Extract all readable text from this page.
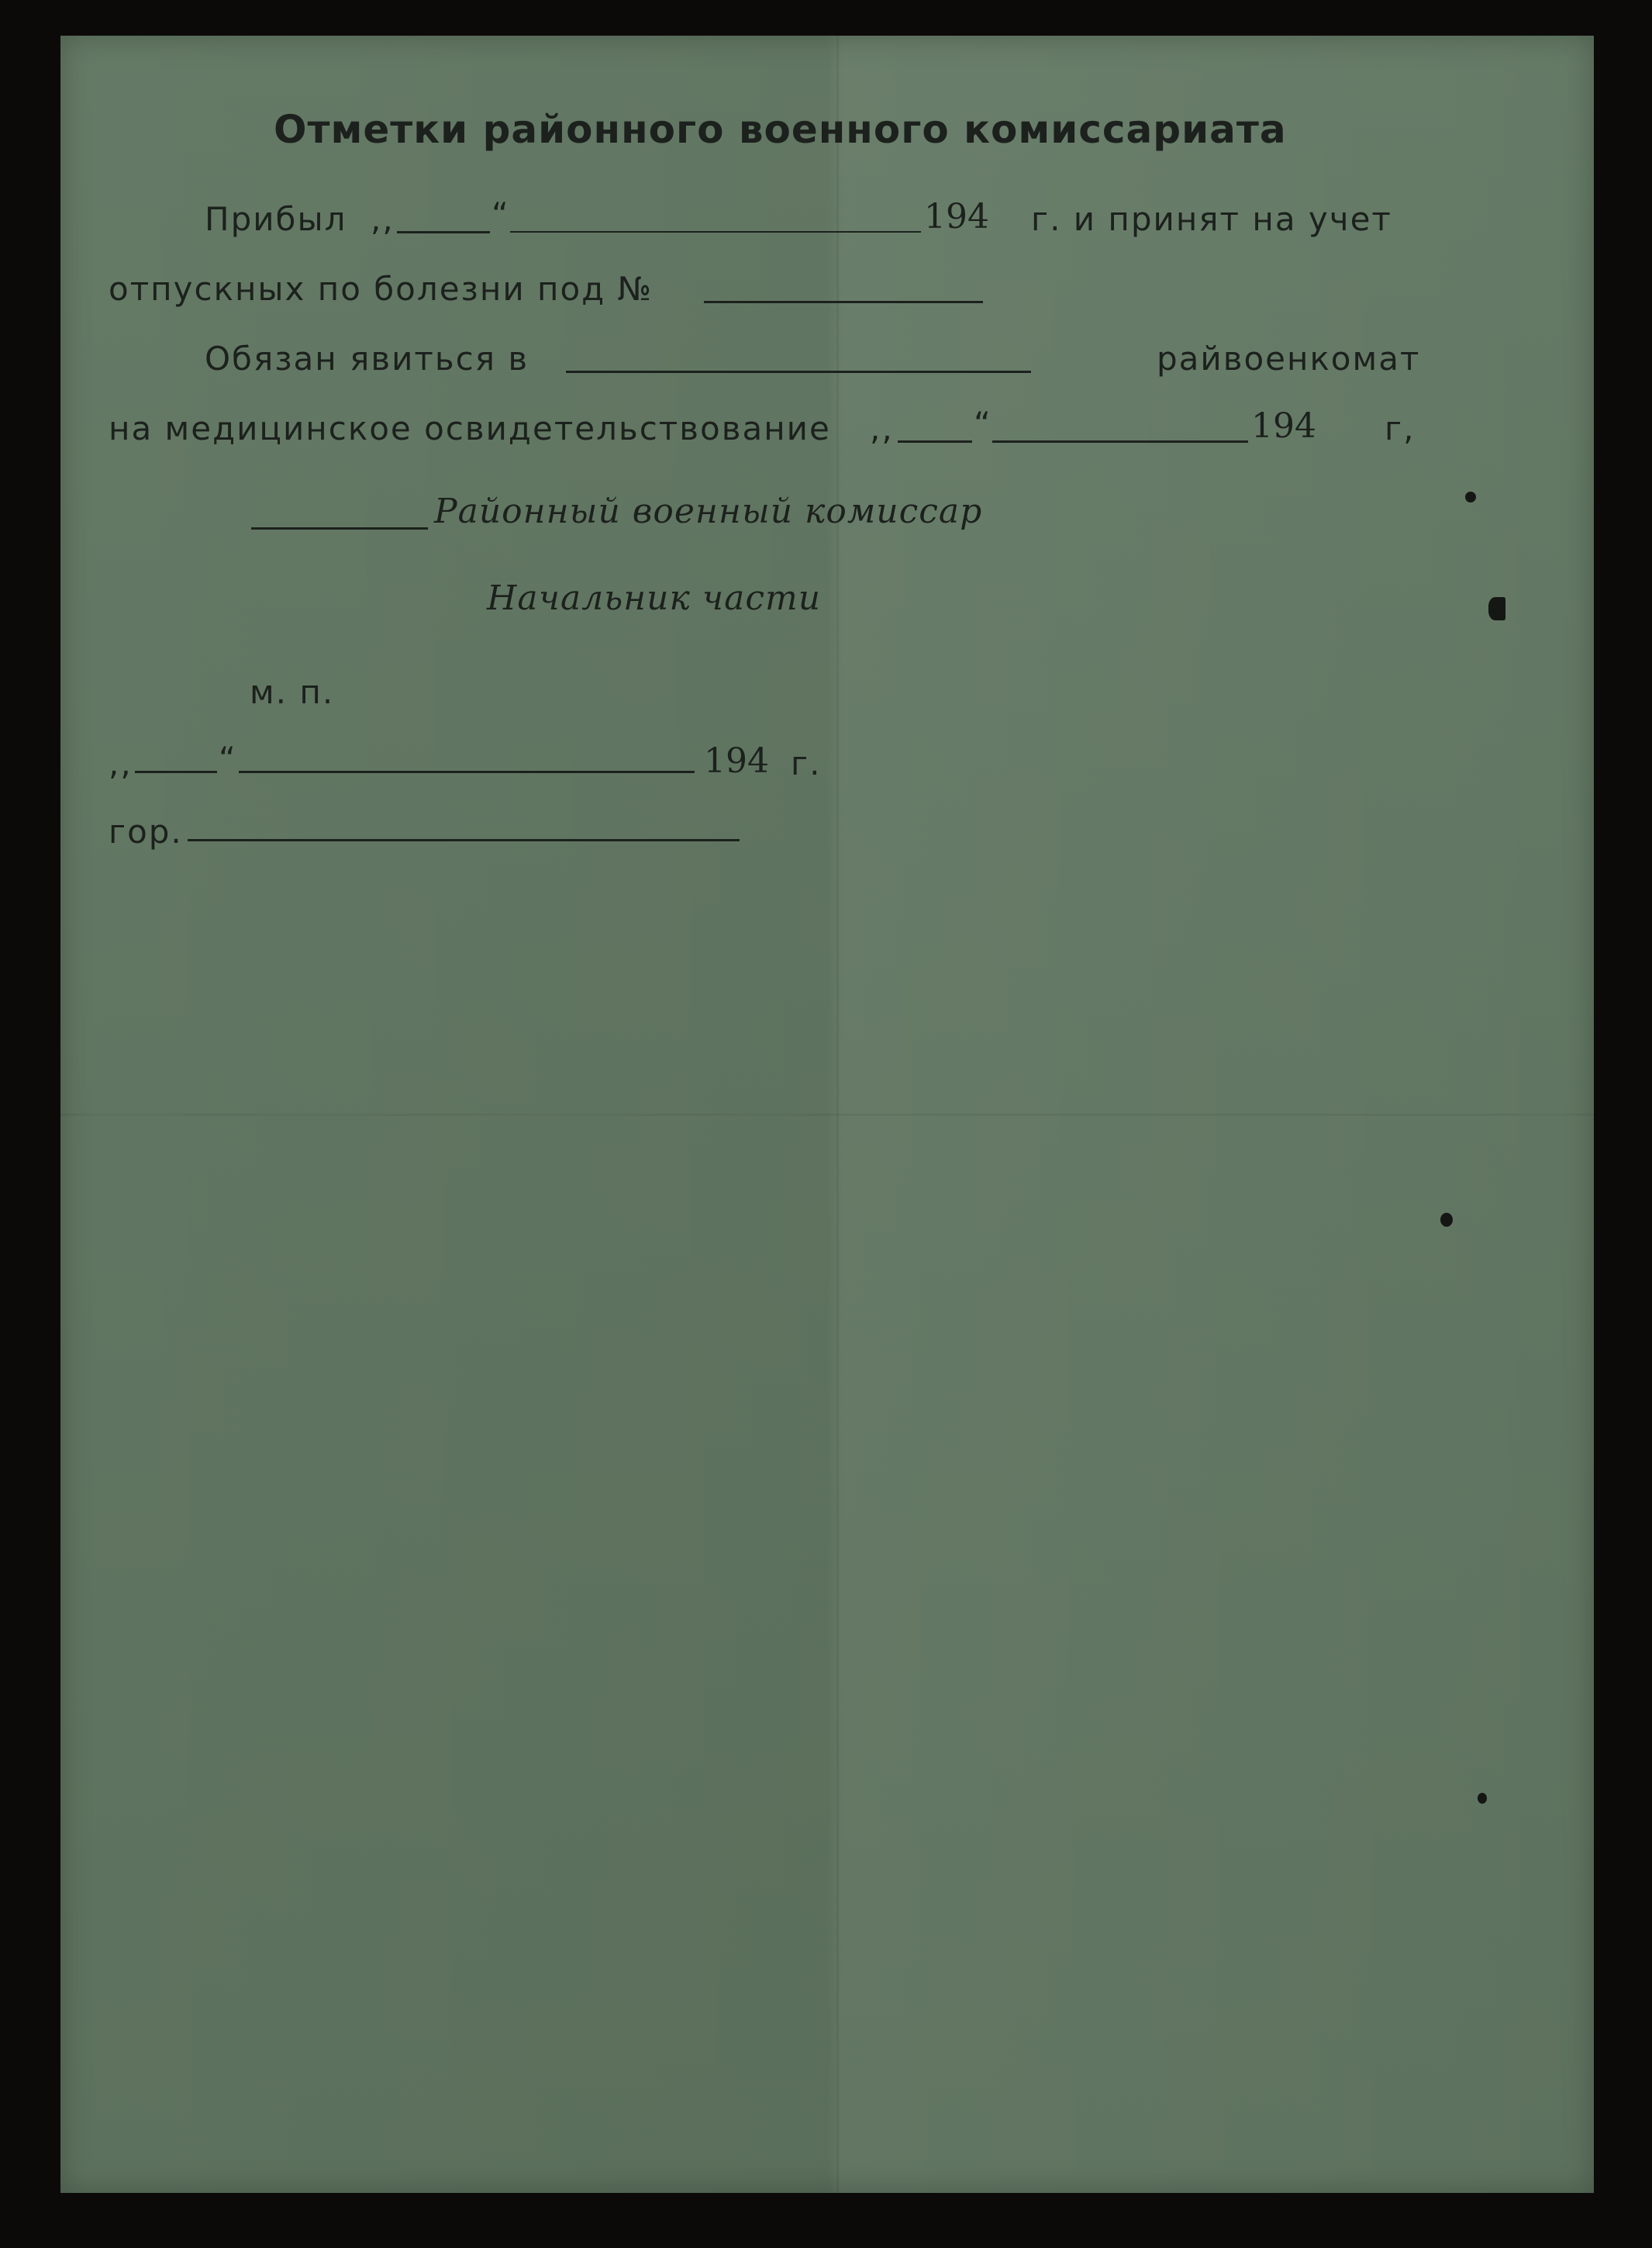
Отметки районного военного комиссариата
Прибыл ,,	“	194 г. и принят на учет
отпускных по болезни под №
Обязан явиться в	райвоенкомат
на медицинское освидетельствование ,, “	194 г,
Районный военный комиссар
Начальник части
м. п.
,,	“	194 г.
гор.
